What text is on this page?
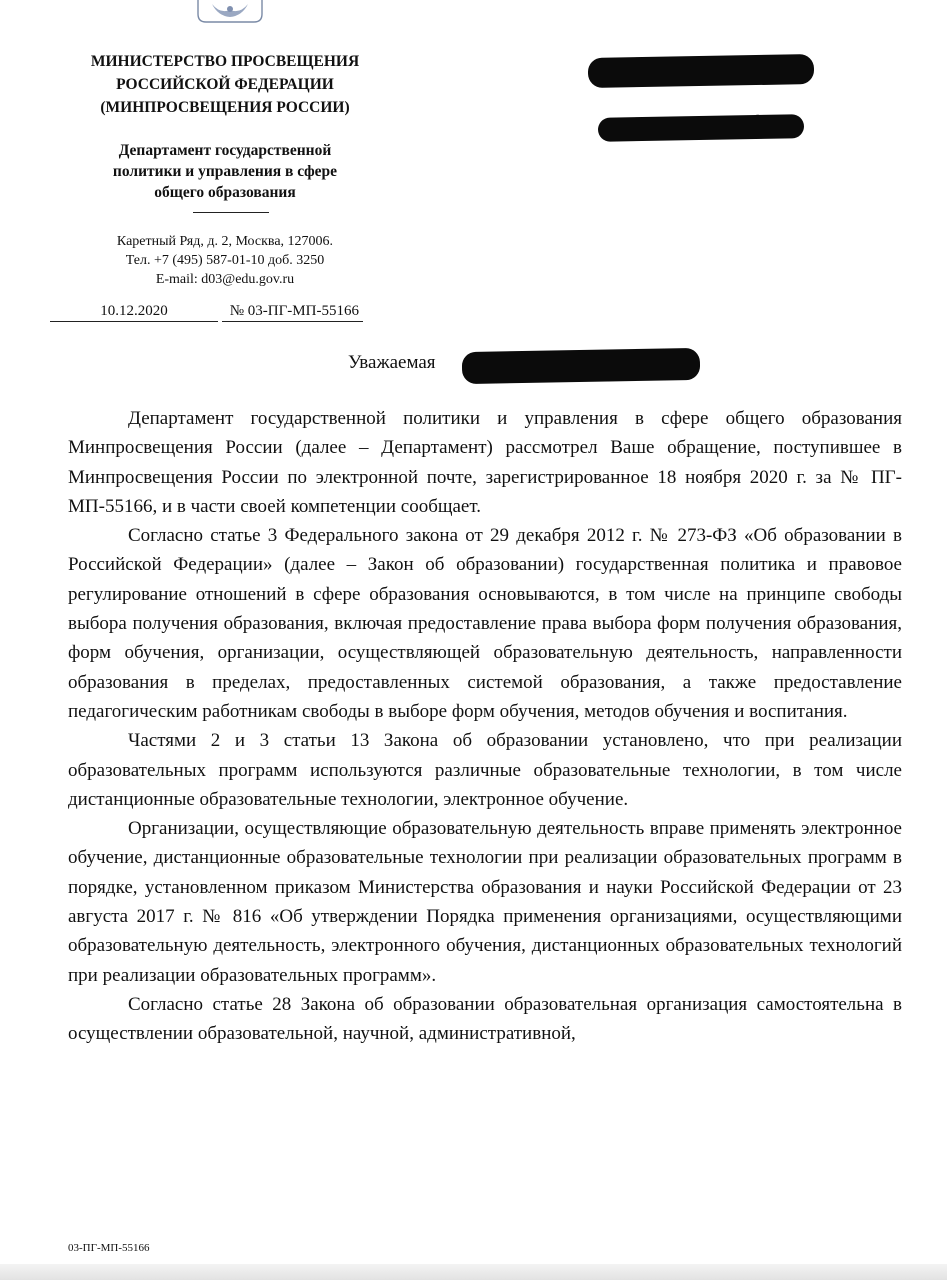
МИНИСТЕРСТВО ПРОСВЕЩЕНИЯ
РОССИЙСКОЙ ФЕДЕРАЦИИ
(МИНПРОСВЕЩЕНИЯ РОССИИ)
Департамент государственной
политики и управления в сфере
общего образования
Каретный Ряд, д. 2, Москва, 127006.
Тел. +7 (495) 587-01-10 доб. 3250
E-mail: d03@edu.gov.ru
10.12.2020	№ 03-ПГ-МП-55166
Уважаемая

Департамент государственной политики и управления в сфере общего образования Минпросвещения России (далее – Департамент) рассмотрел Ваше обращение, поступившее в Минпросвещения России по электронной почте, зарегистрированное 18 ноября 2020 г. за № ПГ-МП-55166, и в части своей компетенции сообщает.

Согласно статье 3 Федерального закона от 29 декабря 2012 г. № 273-ФЗ «Об образовании в Российской Федерации» (далее – Закон об образовании) государственная политика и правовое регулирование отношений в сфере образования основываются, в том числе на принципе свободы выбора получения образования, включая предоставление права выбора форм получения образования, форм обучения, организации, осуществляющей образовательную деятельность, направленности образования в пределах, предоставленных системой образования, а также предоставление педагогическим работникам свободы в выборе форм обучения, методов обучения и воспитания.

Частями 2 и 3 статьи 13 Закона об образовании установлено, что при реализации образовательных программ используются различные образовательные технологии, в том числе дистанционные образовательные технологии, электронное обучение.

Организации, осуществляющие образовательную деятельность вправе применять электронное обучение, дистанционные образовательные технологии при реализации образовательных программ в порядке, установленном приказом Министерства образования и науки Российской Федерации от 23 августа 2017 г. № 816 «Об утверждении Порядка применения организациями, осуществляющими образовательную деятельность, электронного обучения, дистанционных образовательных технологий при реализации образовательных программ».

Согласно статье 28 Закона об образовании образовательная организация самостоятельна в осуществлении образовательной, научной, административной,

03-ПГ-МП-55166
